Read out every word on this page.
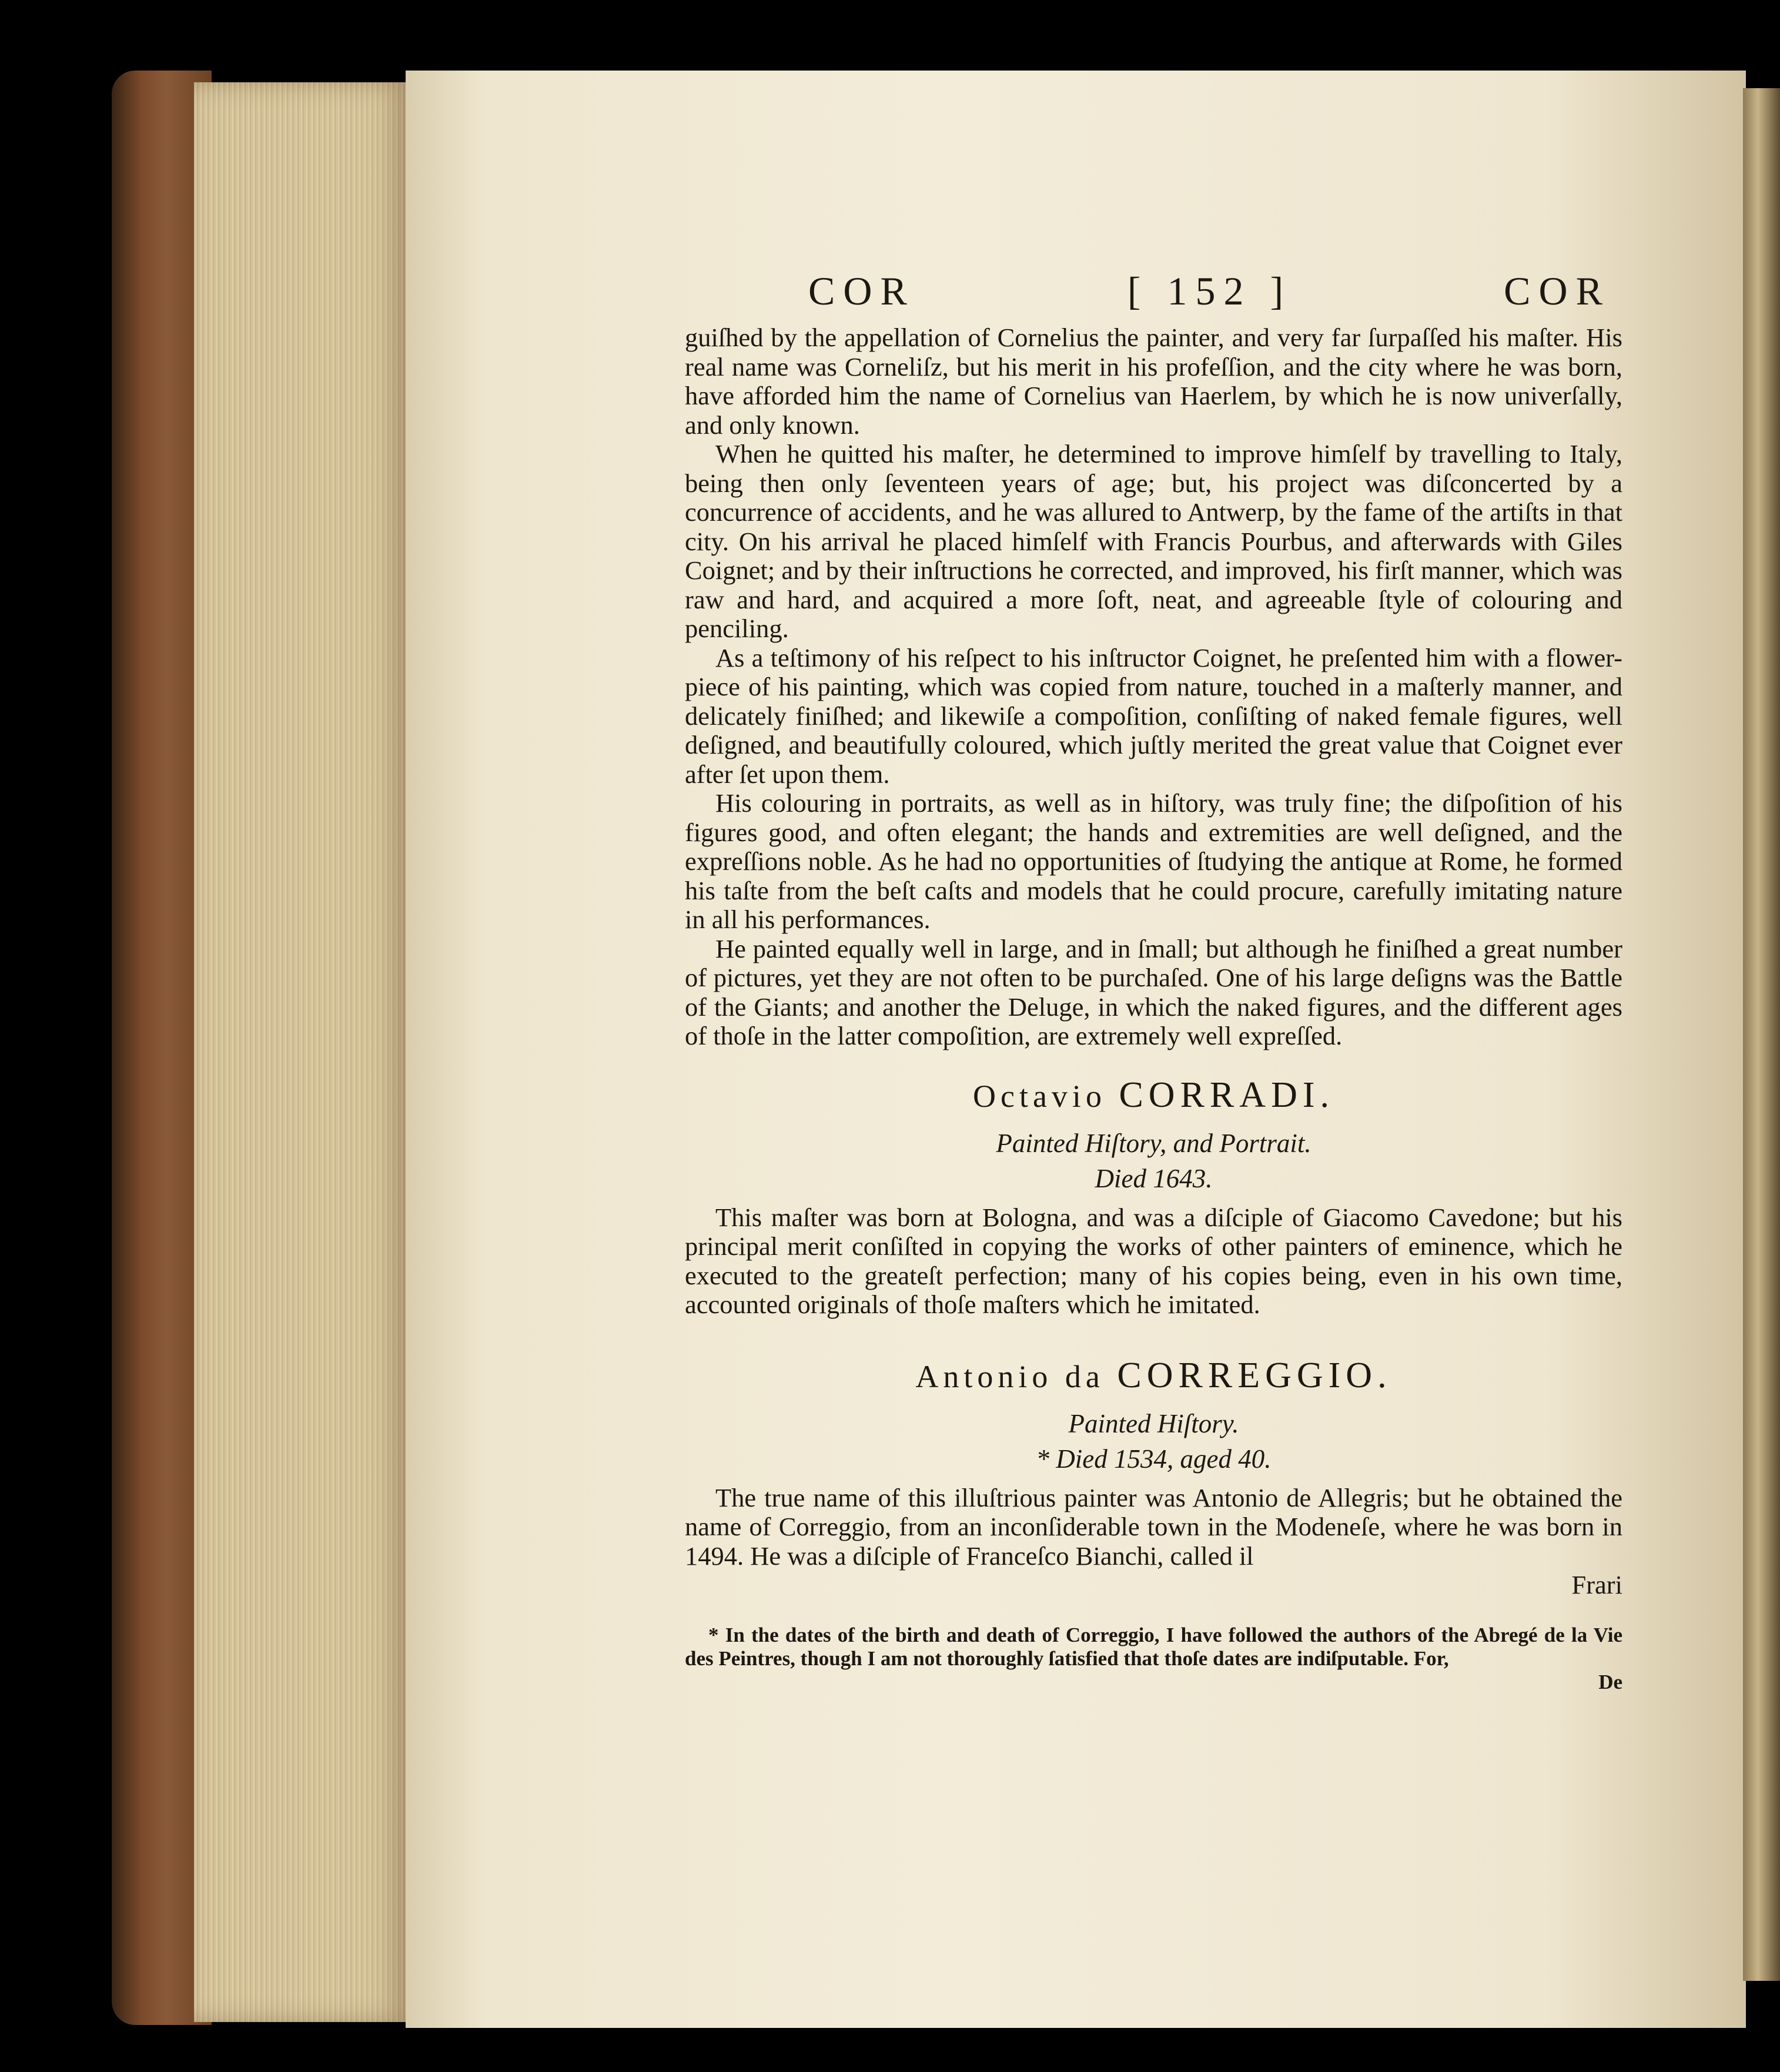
COR	[ 152 ]	COR

guiſhed by the appellation of Cornelius the painter, and very far ſurpaſſed his maſter. His real name was Corneliſz, but his merit in his profeſſion, and the city where he was born, have afforded him the name of Cornelius van Haerlem, by which he is now univerſally, and only known.

When he quitted his maſter, he determined to improve himſelf by travelling to Italy, being then only ſeventeen years of age; but, his project was diſconcerted by a concurrence of accidents, and he was allured to Antwerp, by the fame of the artiſts in that city. On his arrival he placed himſelf with Francis Pourbus, and afterwards with Giles Coignet; and by their inſtructions he corrected, and improved, his firſt manner, which was raw and hard, and acquired a more ſoft, neat, and agreeable ſtyle of colouring and penciling.

As a teſtimony of his reſpect to his inſtructor Coignet, he preſented him with a flower-piece of his painting, which was copied from nature, touched in a maſterly manner, and delicately finiſhed; and likewiſe a compoſition, conſiſting of naked female figures, well deſigned, and beautifully coloured, which juſtly merited the great value that Coignet ever after ſet upon them.

His colouring in portraits, as well as in hiſtory, was truly fine; the diſpoſition of his figures good, and often elegant; the hands and extremities are well deſigned, and the expreſſions noble. As he had no opportunities of ſtudying the antique at Rome, he formed his taſte from the beſt caſts and models that he could procure, carefully imitating nature in all his performances.

He painted equally well in large, and in ſmall; but although he finiſhed a great number of pictures, yet they are not often to be purchaſed. One of his large deſigns was the Battle of the Giants; and another the Deluge, in which the naked figures, and the different ages of thoſe in the latter compoſition, are extremely well expreſſed.

Octavio CORRADI.
Painted Hiſtory, and Portrait.
Died 1643.

This maſter was born at Bologna, and was a diſciple of Giacomo Cavedone; but his principal merit conſiſted in copying the works of other painters of eminence, which he executed to the greateſt perfection; many of his copies being, even in his own time, accounted originals of thoſe maſters which he imitated.

Antonio da CORREGGIO.
Painted Hiſtory.
* Died 1534, aged 40.

The true name of this illuſtrious painter was Antonio de Allegris; but he obtained the name of Correggio, from an inconſiderable town in the Modeneſe, where he was born in 1494. He was a diſciple of Franceſco Bianchi, called il

Frari

* In the dates of the birth and death of Correggio, I have followed the authors of the Abregé de la Vie des Peintres, though I am not thoroughly ſatisfied that thoſe dates are indiſputable. For,

De
